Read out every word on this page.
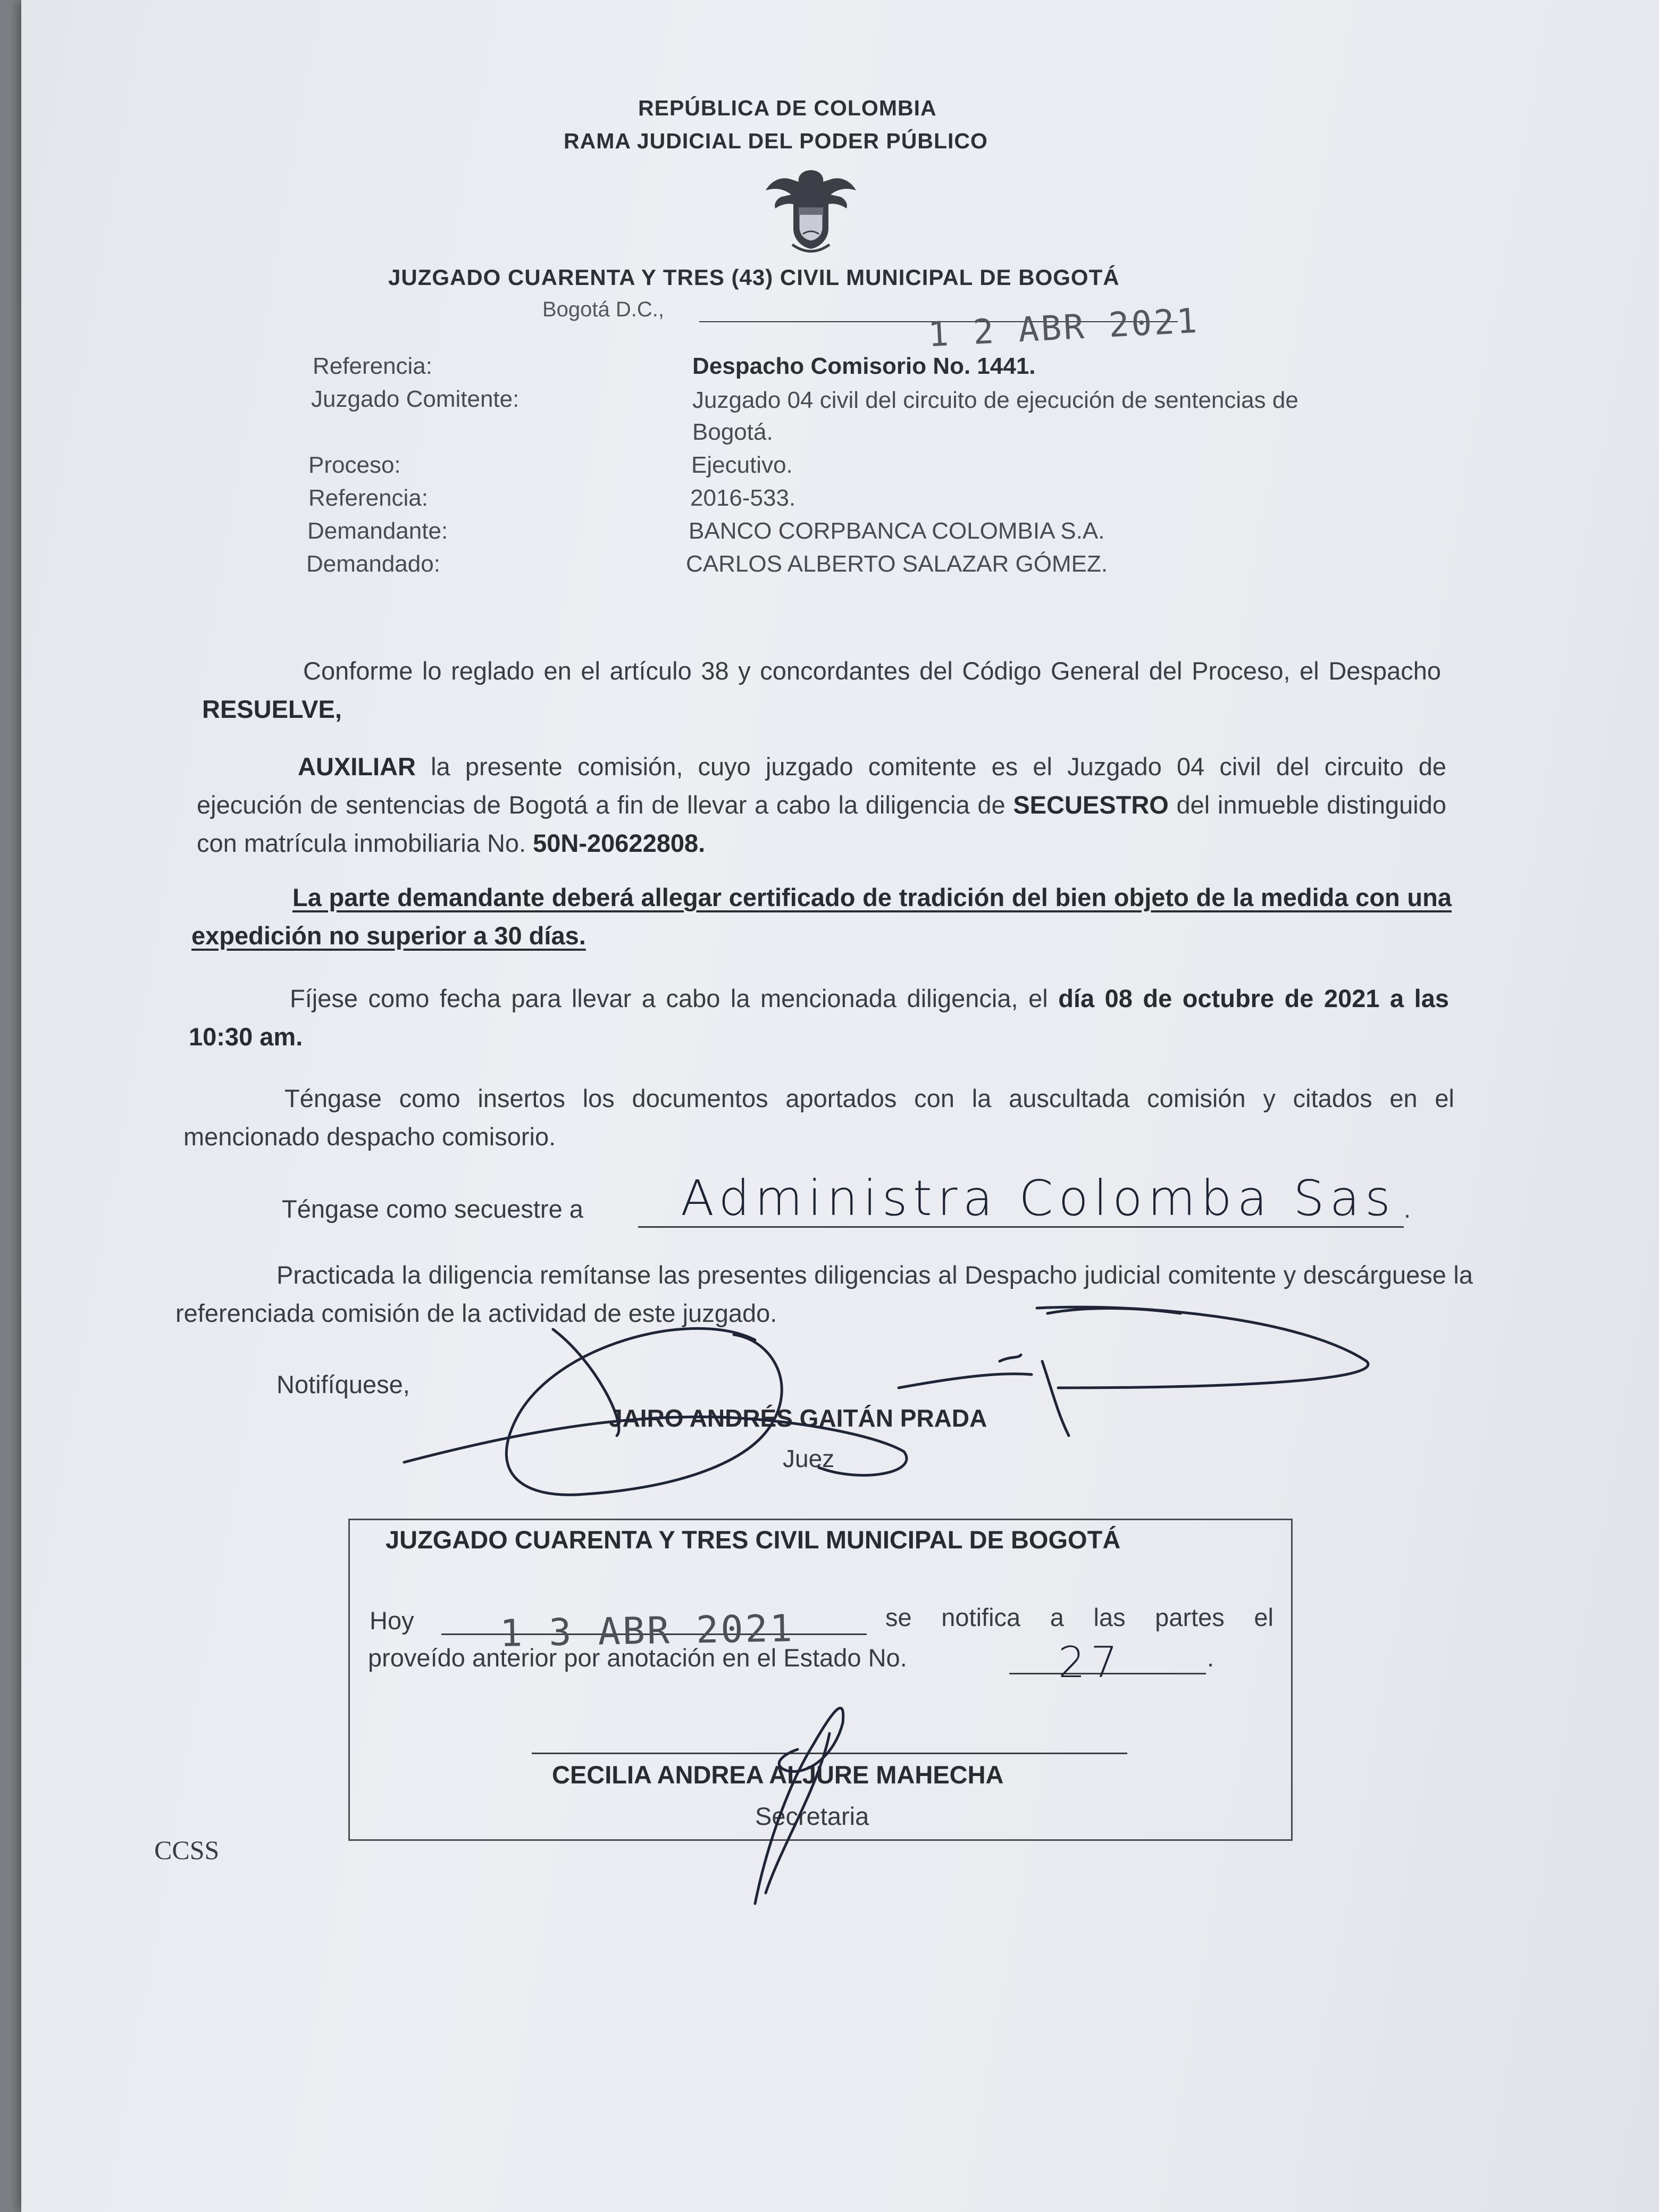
REPÚBLICA DE COLOMBIA
RAMA JUDICIAL DEL PODER PÚBLICO
JUZGADO CUARENTA Y TRES (43) CIVIL MUNICIPAL DE BOGOTÁ
Bogotá D.C.,	1 2 ABR 2021
Referencia:	Despacho Comisorio No. 1441.
Juzgado Comitente:	Juzgado 04 civil del circuito de ejecución de sentencias de
Bogotá.
Proceso:	Ejecutivo.
Referencia:	2016-533.
Demandante:	BANCO CORPBANCA COLOMBIA S.A.
Demandado:	CARLOS ALBERTO SALAZAR GÓMEZ.
Conforme lo reglado en el artículo 38 y concordantes del Código General del Proceso, el Despacho RESUELVE,
AUXILIAR la presente comisión, cuyo juzgado comitente es el Juzgado 04 civil del circuito de ejecución de sentencias de Bogotá a fin de llevar a cabo la diligencia de SECUESTRO del inmueble distinguido con matrícula inmobiliaria No. 50N-20622808.
La parte demandante deberá allegar certificado de tradición del bien objeto de la medida con una expedición no superior a 30 días.
Fíjese como fecha para llevar a cabo la mencionada diligencia, el día 08 de octubre de 2021 a las 10:30 am.
Téngase como insertos los documentos aportados con la auscultada comisión y citados en el mencionado despacho comisorio.
Téngase como secuestre a Administra Colomba Sas .
Practicada la diligencia remítanse las presentes diligencias al Despacho judicial comitente y descárguese la referenciada comisión de la actividad de este juzgado.
Notifíquese,
JAIRO ANDRÉS GAITÁN PRADA
Juez
JUZGADO CUARENTA Y TRES CIVIL MUNICIPAL DE BOGOTÁ
Hoy 1 3 ABR 2021	se notifica a las partes el
proveído anterior por anotación en el Estado No.	27	.
CECILIA ANDREA ALJURE MAHECHA
Secretaria
CCSS
